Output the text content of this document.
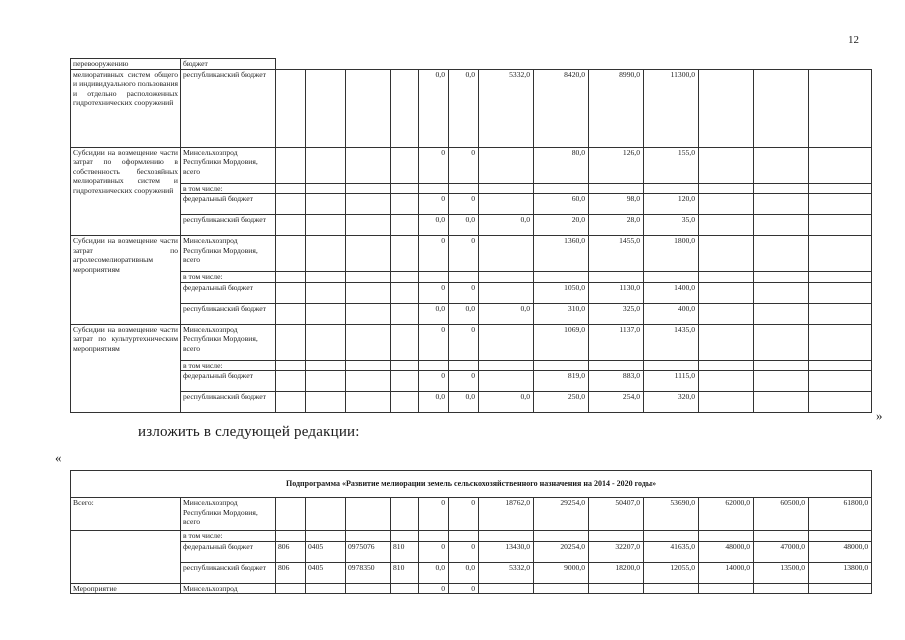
12
перевооружению	бюджет													
мелиоративных систем общего и индивидуального пользования и отдельно расположенных гидротехнических сооружений	республиканский бюджет					0,0	0,0	5332,0	8420,0	8990,0	11300,0			
Субсидии на возмещение части затрат по оформлению в собственность бесхозяйных мелиоративных систем и гидротехнических сооружений	Минсельхозпрод Республики Мордовия, всего					0	0		80,0	126,0	155,0			
	в том числе:													
	федеральный бюджет					0	0		60,0	98,0	120,0			
	республиканский бюджет					0,0	0,0	0,0	20,0	28,0	35,0			
Субсидии на возмещение части затрат по агролесомелиоративным мероприятиям	Минсельхозпрод Республики Мордовия, всего					0	0		1360,0	1455,0	1800,0			
	в том числе:													
	федеральный бюджет					0	0		1050,0	1130,0	1400,0			
	республиканский бюджет					0,0	0,0	0,0	310,0	325,0	400,0			
Субсидии на возмещение части затрат по культуртехническим мероприятиям	Минсельхозпрод Республики Мордовия, всего					0	0		1069,0	1137,0	1435,0			
	в том числе:													
	федеральный бюджет					0	0		819,0	883,0	1115,0			
	республиканский бюджет					0,0	0,0	0,0	250,0	254,0	320,0			
»
изложить в следующей редакции:
«
Подпрограмма «Развитие мелиорации земель сельскохозяйственного назначения на 2014 - 2020 годы»														
Всего:	Минсельхозпрод Республики Мордовия, всего					0	0	18762,0	29254,0	50407,0	53690,0	62000,0	60500,0	61800,0
	в том числе:													
	федеральный бюджет	806	0405	0975076	810	0	0	13430,0	20254,0	32207,0	41635,0	48000,0	47000,0	48000,0
	республиканский бюджет	806	0405	0978350	810	0,0	0,0	5332,0	9000,0	18200,0	12055,0	14000,0	13500,0	13800,0
Мероприятие	Минсельхозпрод					0	0							
